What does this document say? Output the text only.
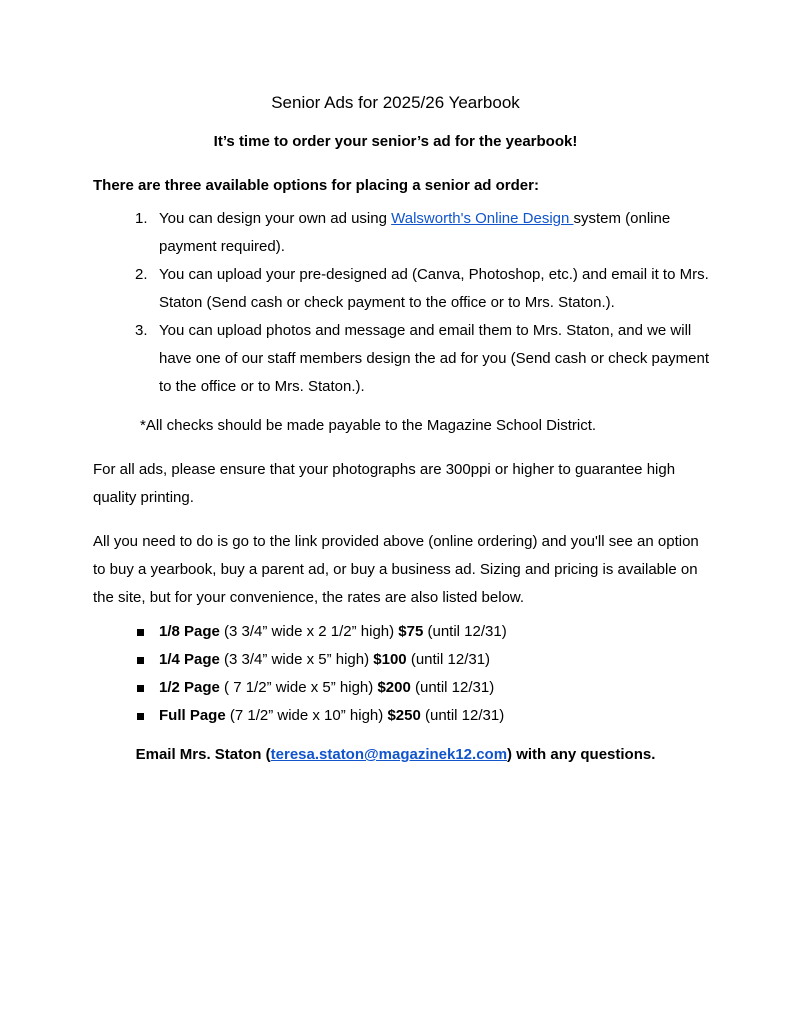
Senior Ads for 2025/26 Yearbook
It’s time to order your senior’s ad for the yearbook!
There are three available options for placing a senior ad order:
1. You can design your own ad using Walsworth's Online Design system (online payment required).
2. You can upload your pre-designed ad (Canva, Photoshop, etc.) and email it to Mrs. Staton (Send cash or check payment to the office or to Mrs. Staton.).
3. You can upload photos and message and email them to Mrs. Staton, and we will have one of our staff members design the ad for you (Send cash or check payment to the office or to Mrs. Staton.).
*All checks should be made payable to the Magazine School District.
For all ads, please ensure that your photographs are 300ppi or higher to guarantee high quality printing.
All you need to do is go to the link provided above (online ordering) and you'll see an option to buy a yearbook, buy a parent ad, or buy a business ad. Sizing and pricing is available on the site, but for your convenience, the rates are also listed below.
1/8 Page (3 3/4” wide x 2 1/2” high) $75 (until 12/31)
1/4 Page (3 3/4” wide x 5” high) $100 (until 12/31)
1/2 Page ( 7 1/2” wide x 5” high) $200 (until 12/31)
Full Page (7 1/2” wide x 10” high) $250 (until 12/31)
Email Mrs. Staton (teresa.staton@magazinek12.com) with any questions.
